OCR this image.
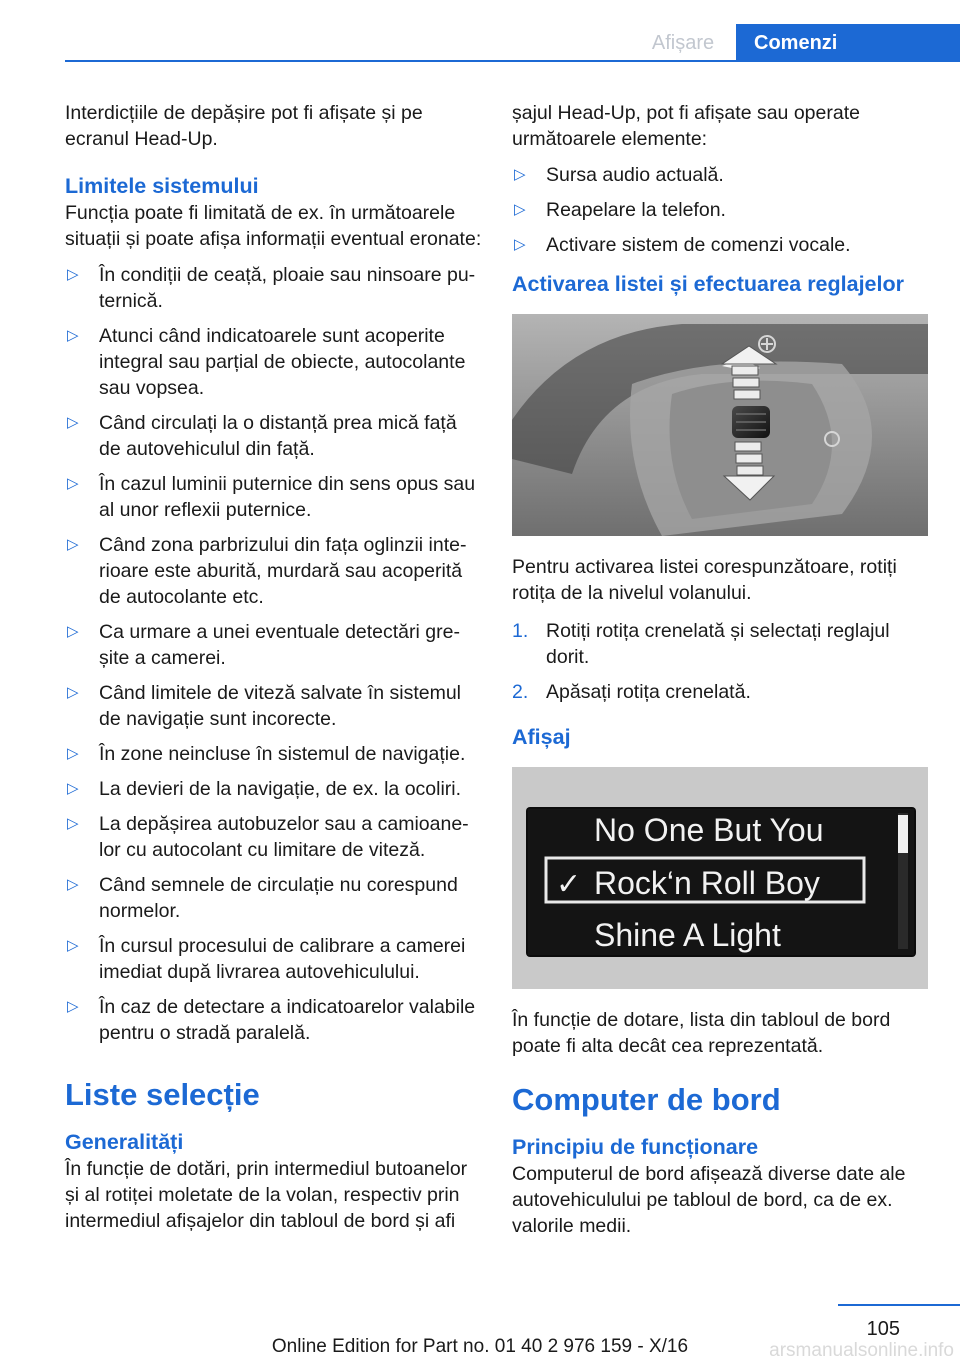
Afișare	Comenzi

Interdicțiile de depășire pot fi afișate și pe ecranul Head-Up.

Limitele sistemului

Funcția poate fi limitată de ex. în următoarele situații și poate afișa informații eventual eronate:

▷ În condiții de ceață, ploaie sau ninsoare puternică.
▷ Atunci când indicatoarele sunt acoperite integral sau parțial de obiecte, autocolante sau vopsea.
▷ Când circulați la o distanță prea mică față de autovehiculul din față.
▷ În cazul luminii puternice din sens opus sau al unor reflexii puternice.
▷ Când zona parbrizului din fața oglinzii interioare este aburită, murdară sau acoperită de autocolante etc.
▷ Ca urmare a unei eventuale detectări greșite a camerei.
▷ Când limitele de viteză salvate în sistemul de navigație sunt incorecte.
▷ În zone neincluse în sistemul de navigație.
▷ La devieri de la navigație, de ex. la ocoliri.
▷ La depășirea autobuzelor sau a camioanelor cu autocolant cu limitare de viteză.
▷ Când semnele de circulație nu corespund normelor.
▷ În cursul procesului de calibrare a camerei imediat după livrarea autovehiculului.
▷ În caz de detectare a indicatoarelor valabile pentru o stradă paralelă.
Liste selecție
Generalități

În funcție de dotări, prin intermediul butoanelor și al rotiței moletate de la volan, respectiv prin intermediul afișajelor din tabloul de bord și afi

șajul Head-Up, pot fi afișate sau operate următoarele elemente:

▷ Sursa audio actuală.
▷ Reapelare la telefon.
▷ Activare sistem de comenzi vocale.
Activarea listei și efectuarea reglajelor

Pentru activarea listei corespunzătoare, rotiți rotița de la nivelul volanului.

1. Rotiți rotița crenelată și selectați reglajul dorit.
2. Apăsați rotița crenelată.
Afișaj
No One But You
✓ Rock‘n Roll Boy
Shine A Light

În funcție de dotare, lista din tabloul de bord poate fi alta decât cea reprezentată.

Computer de bord
Principiu de funcționare

Computerul de bord afișează diverse date ale autovehiculului pe tabloul de bord, ca de ex. valorile medii.

105
Online Edition for Part no. 01 40 2 976 159 - X/16	arsmanualsonline.info
